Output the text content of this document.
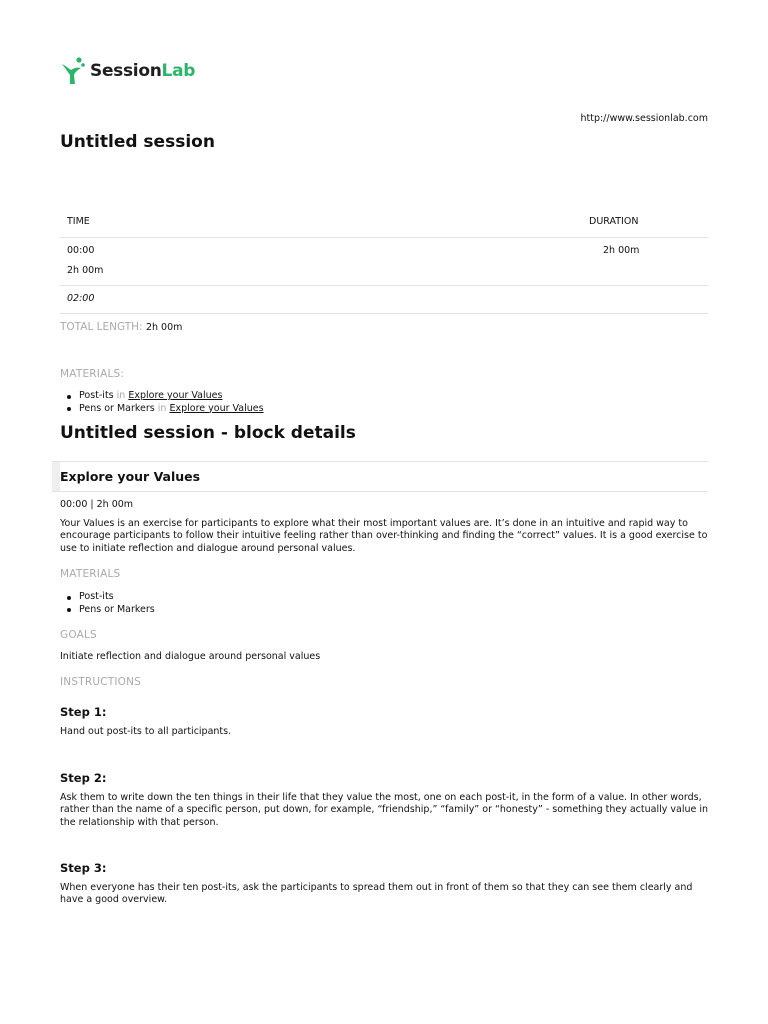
SessionLab
http://www.sessionlab.com
Untitled session
TIME	DURATION
00:00
2h 00m
2h 00m
02:00
TOTAL LENGTH: 2h 00m
MATERIALS:
Post-its in Explore your Values
Pens or Markers in Explore your Values
Untitled session - block details
Explore your Values
00:00 | 2h 00m
Your Values is an exercise for participants to explore what their most important values are. It’s done in an intuitive and rapid way to encourage participants to follow their intuitive feeling rather than over-thinking and finding the “correct” values. It is a good exercise to use to initiate reflection and dialogue around personal values.
MATERIALS
Post-its
Pens or Markers
GOALS
Initiate reflection and dialogue around personal values
INSTRUCTIONS
Step 1:
Hand out post-its to all participants.
Step 2:
Ask them to write down the ten things in their life that they value the most, one on each post-it, in the form of a value. In other words, rather than the name of a specific person, put down, for example, “friendship,” “family” or “honesty” - something they actually value in the relationship with that person.
Step 3:
When everyone has their ten post-its, ask the participants to spread them out in front of them so that they can see them clearly and have a good overview.
